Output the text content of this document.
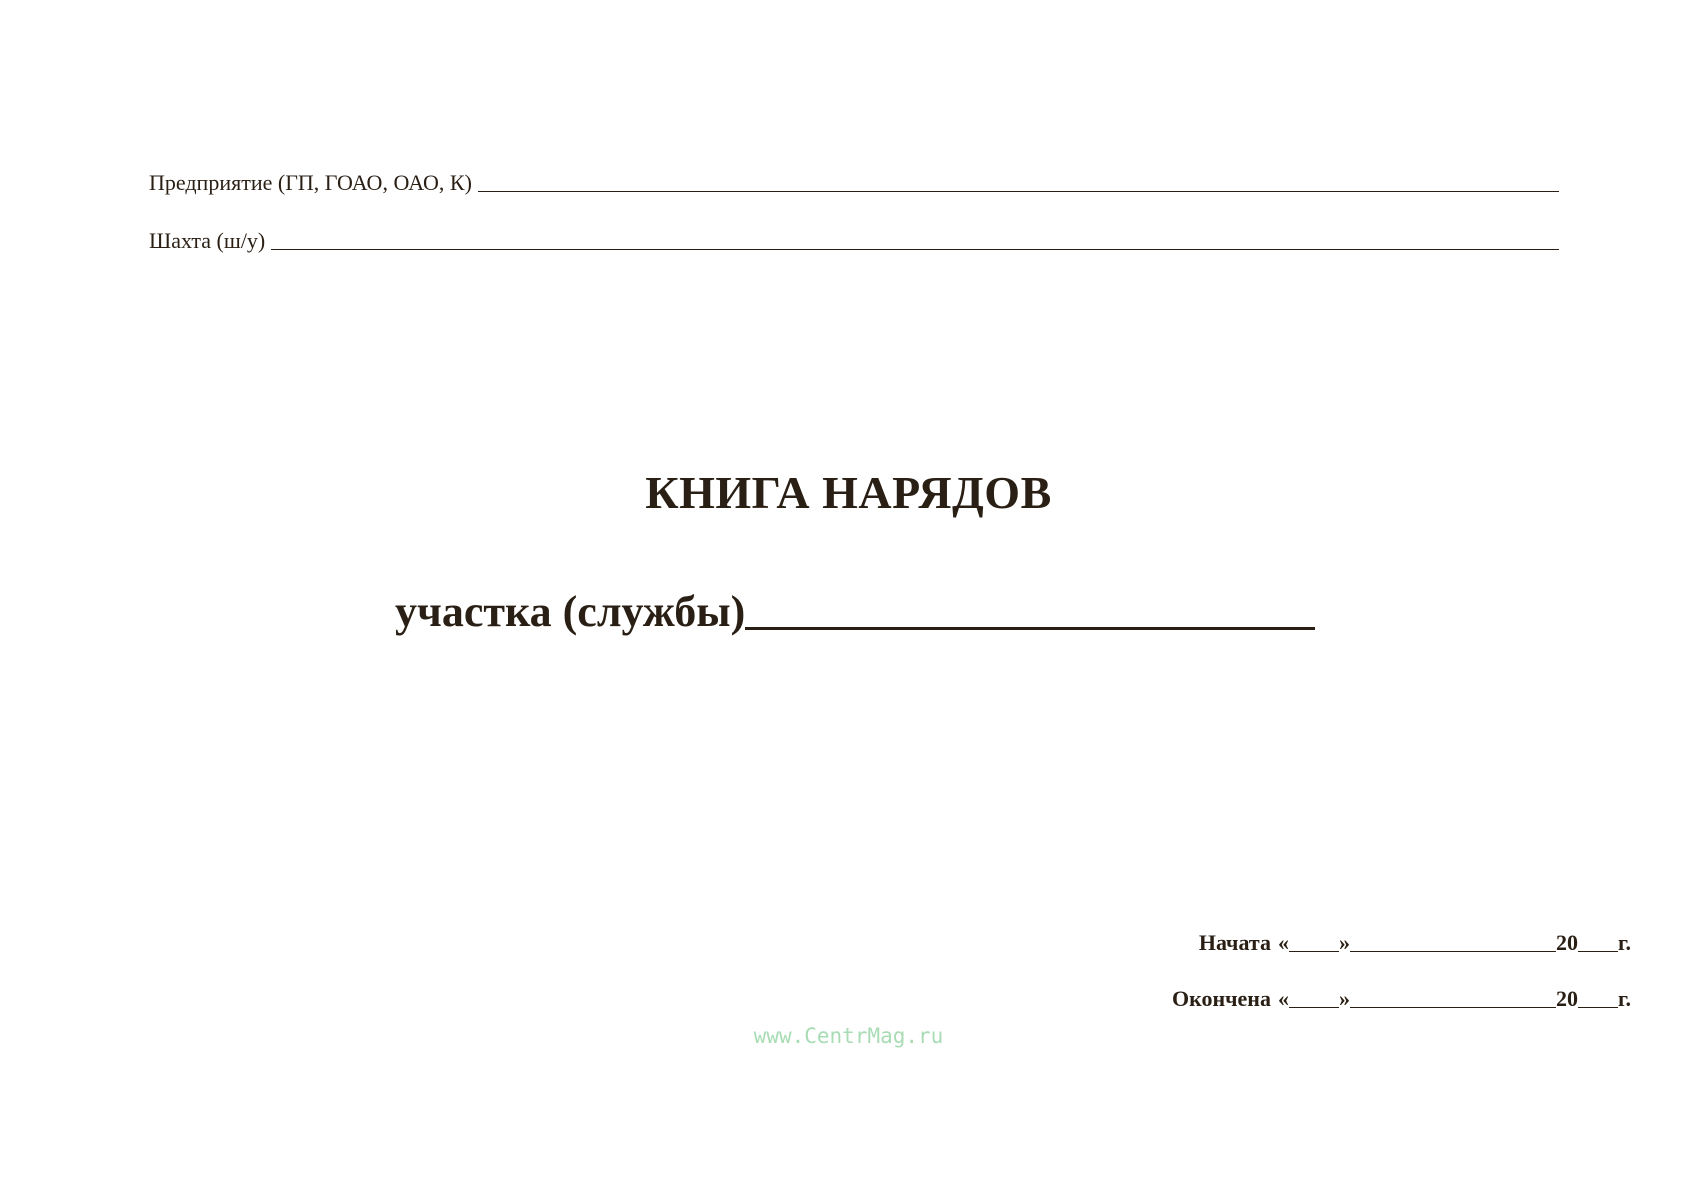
Предприятие (ГП, ГОАО, ОАО, К)
Шахта (ш/у)
КНИГА НАРЯДОВ
участка (службы)
Начата « »	20 г.
Окончена « »	20 г.
www.CentrMag.ru
